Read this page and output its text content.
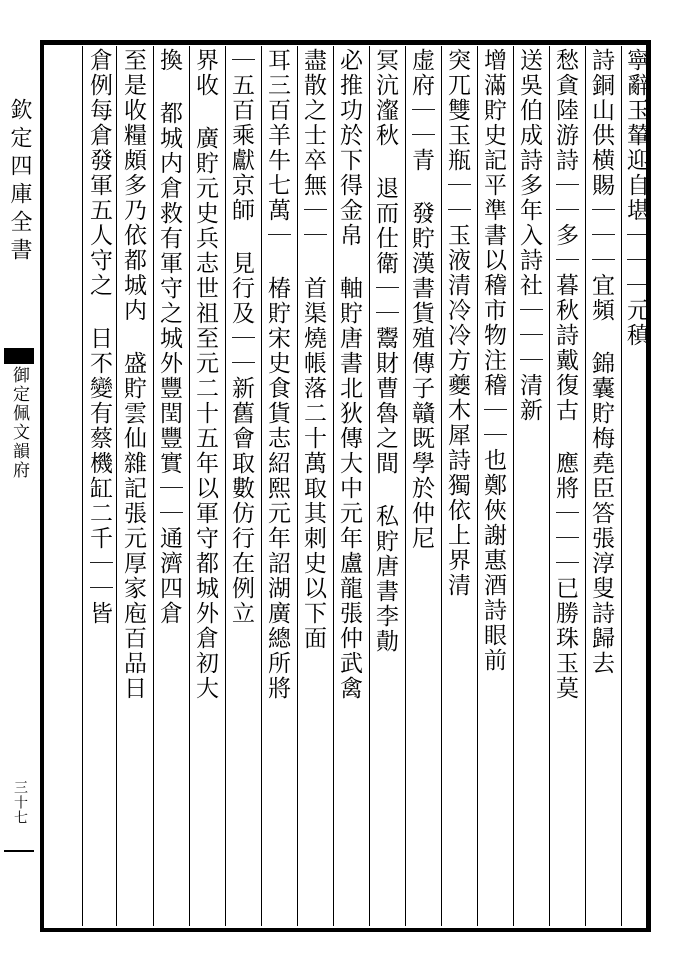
欽定四庫全書
御定佩文韻府
三十七
寧辭玉輦迎自堪｜｜｜元稹
詩銅山供横賜｜｜｜宜頻 錦囊貯梅堯臣答張淳叟詩歸去
愁貪陸游詩｜｜多｜暮秋詩戴復古 應將｜｜｜已勝珠玉莫
送吳伯成詩多年入詩社｜｜｜清新
增滿貯史記平準書以稽市物注稽｜｜也鄭俠謝惠酒詩眼前
突兀雙玉瓶｜｜玉液清冷冷方夔木犀詩獨依上界清
虚府｜｜青 發貯漢書貨殖傳子贛既學於仲尼
冥沆瀣秋 退而仕衛｜｜鬻財曹魯之間 私貯唐書李勣
必推功於下得金帛 軸貯唐書北狄傳大中元年盧龍張仲武禽
盡散之士卒無｜｜ 首渠燒帳落二十萬取其刺史以下面
耳三百羊牛七萬｜ 椿貯宋史食貨志紹熙元年詔湖廣總所將
｜五百乘獻京師 見行及｜｜新舊會取數仿行在例立
界收 廣貯元史兵志世祖至元二十五年以軍守都城外倉初大
換 都城内倉救有軍守之城外豐閏豐實｜｜通濟四倉
至是收糧頗多乃依都城内 盛貯雲仙雜記張元厚家庖百品日
倉例每倉發軍五人守之 日不變有蔡機缸二千｜｜皆
